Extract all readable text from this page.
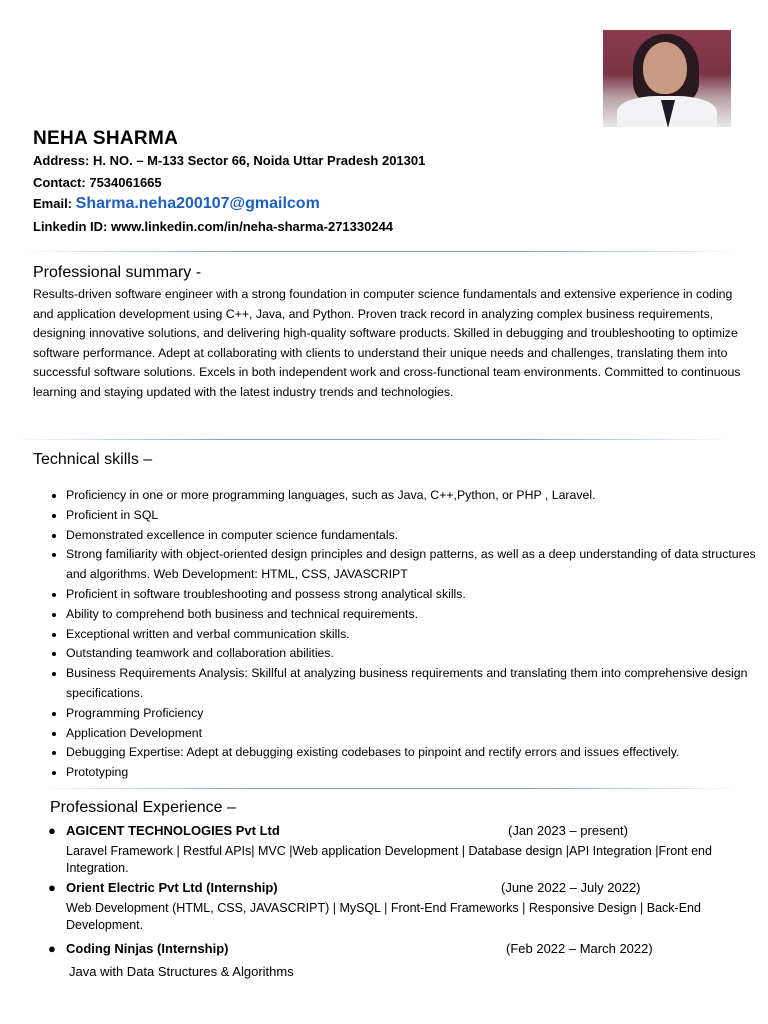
NEHA SHARMA
Address: H. NO. – M-133 Sector 66, Noida Uttar Pradesh 201301
Contact: 7534061665
Email: Sharma.neha200107@gmailcom
Linkedin ID: www.linkedin.com/in/neha-sharma-271330244
Professional summary -
Results-driven software engineer with a strong foundation in computer science fundamentals and extensive experience in coding and application development using C++, Java, and Python. Proven track record in analyzing complex business requirements, designing innovative solutions, and delivering high-quality software products. Skilled in debugging and troubleshooting to optimize software performance. Adept at collaborating with clients to understand their unique needs and challenges, translating them into successful software solutions. Excels in both independent work and cross-functional team environments. Committed to continuous learning and staying updated with the latest industry trends and technologies.
Technical skills –
• Proficiency in one or more programming languages, such as Java, C++,Python, or PHP , Laravel.
• Proficient in SQL
• Demonstrated excellence in computer science fundamentals.
• Strong familiarity with object-oriented design principles and design patterns, as well as a deep understanding of data structures and algorithms. Web Development: HTML, CSS, JAVASCRIPT
• Proficient in software troubleshooting and possess strong analytical skills.
• Ability to comprehend both business and technical requirements.
• Exceptional written and verbal communication skills.
• Outstanding teamwork and collaboration abilities.
• Business Requirements Analysis: Skillful at analyzing business requirements and translating them into comprehensive design specifications.
• Programming Proficiency
• Application Development
• Debugging Expertise: Adept at debugging existing codebases to pinpoint and rectify errors and issues effectively.
• Prototyping
Professional Experience –
● AGICENT TECHNOLOGIES Pvt Ltd	(Jan 2023 – present)
Laravel Framework | Restful APIs| MVC |Web application Development | Database design |API Integration |Front end Integration.
● Orient Electric Pvt Ltd (Internship)	(June 2022 – July 2022)
Web Development (HTML, CSS, JAVASCRIPT) | MySQL | Front-End Frameworks | Responsive Design | Back-End Development.
● Coding Ninjas (Internship)	(Feb 2022 – March 2022)
Java with Data Structures & Algorithms
